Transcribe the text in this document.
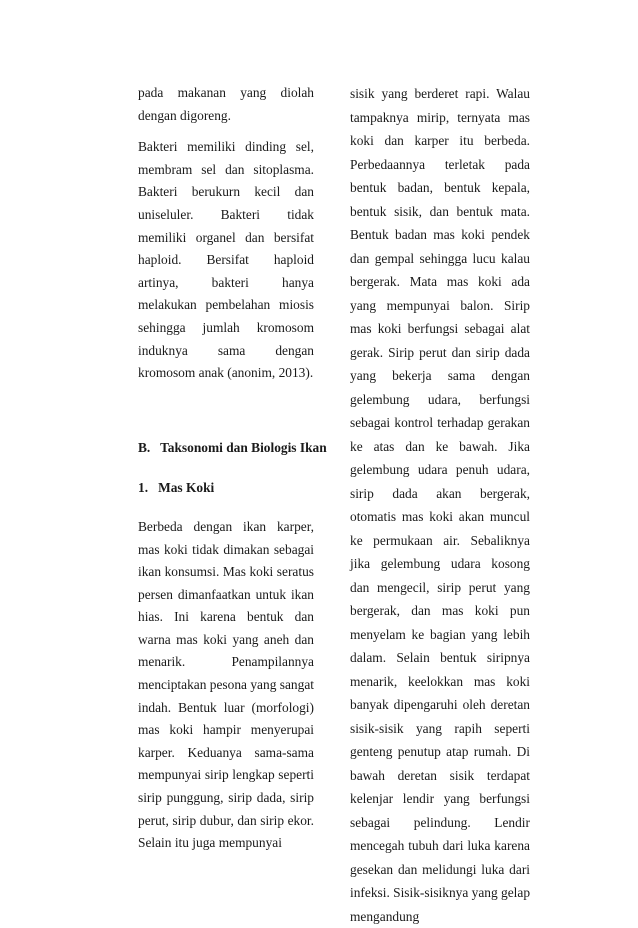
pada makanan yang diolah dengan digoreng.

Bakteri memiliki dinding sel, membram sel dan sitoplasma. Bakteri berukurn kecil dan uniseluler. Bakteri tidak memiliki organel dan bersifat haploid. Bersifat haploid artinya, bakteri hanya melakukan pembelahan miosis sehingga jumlah kromosom induknya sama dengan kromosom anak (anonim, 2013).

B.   Taksonomi dan Biologis Ikan

1.   Mas Koki

Berbeda dengan ikan karper, mas koki tidak dimakan sebagai ikan konsumsi. Mas koki seratus persen dimanfaatkan untuk ikan hias. Ini karena bentuk dan warna mas koki yang aneh dan menarik. Penampilannya menciptakan pesona yang sangat indah. Bentuk luar (morfologi) mas koki hampir menyerupai karper. Keduanya sama-sama mempunyai sirip lengkap seperti sirip punggung, sirip dada, sirip perut, sirip dubur, dan sirip ekor. Selain itu juga mempunyai

sisik yang berderet rapi. Walau tampaknya mirip, ternyata mas koki dan karper itu berbeda. Perbedaannya terletak pada bentuk badan, bentuk kepala, bentuk sisik, dan bentuk mata. Bentuk badan mas koki pendek dan gempal sehingga lucu kalau bergerak. Mata mas koki ada yang mempunyai balon. Sirip mas koki berfungsi sebagai alat gerak. Sirip perut dan sirip dada yang bekerja sama dengan gelembung udara, berfungsi sebagai kontrol terhadap gerakan ke atas dan ke bawah. Jika gelembung udara penuh udara, sirip dada akan bergerak, otomatis mas koki akan muncul ke permukaan air. Sebaliknya jika gelembung udara kosong dan mengecil, sirip perut yang bergerak, dan mas koki pun menyelam ke bagian yang lebih dalam. Selain bentuk siripnya menarik, keelokkan mas koki banyak dipengaruhi oleh deretan sisik-sisik yang rapih seperti genteng penutup atap rumah. Di bawah deretan sisik terdapat kelenjar lendir yang berfungsi sebagai pelindung. Lendir mencegah tubuh dari luka karena gesekan dan melidungi luka dari infeksi. Sisik-sisiknya yang gelap mengandung
